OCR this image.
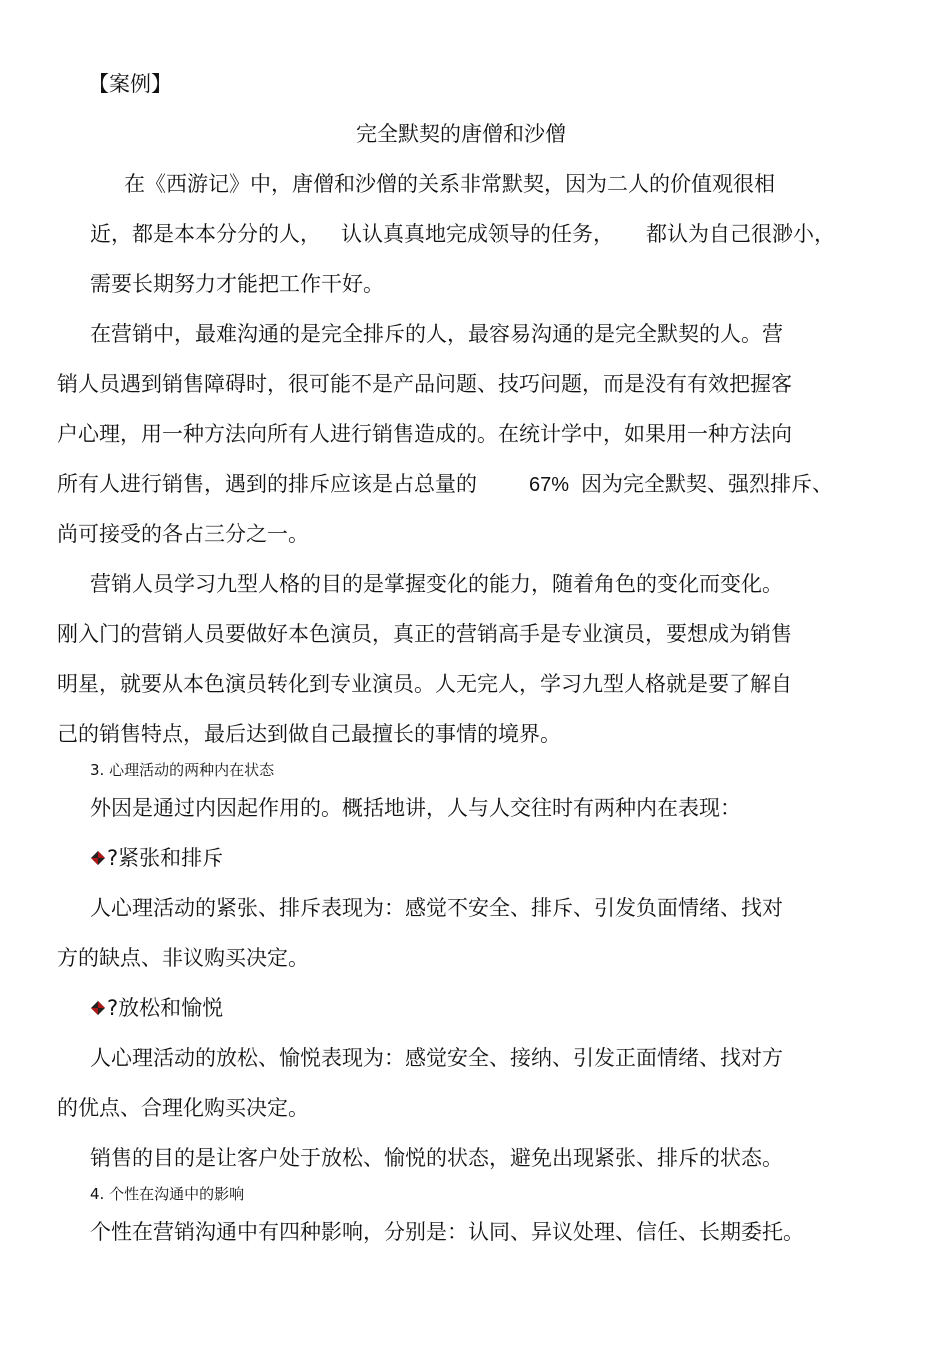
【案例】
完全默契的唐僧和沙僧
在《西游记》中，唐僧和沙僧的关系非常默契，因为二人的价值观很相
近，都是本本分分的人， 认认真真地完成领导的任务， 都认为自己很渺小，
需要长期努力才能把工作干好。
在营销中，最难沟通的是完全排斥的人，最容易沟通的是完全默契的人。营
销人员遇到销售障碍时，很可能不是产品问题、技巧问题，而是没有有效把握客
户心理，用一种方法向所有人进行销售造成的。在统计学中，如果用一种方法向
所有人进行销售，遇到的排斥应该是占总量的	67% 因为完全默契、强烈排斥、
尚可接受的各占三分之一。
营销人员学习九型人格的目的是掌握变化的能力，随着角色的变化而变化。
刚入门的营销人员要做好本色演员，真正的营销高手是专业演员，要想成为销售
明星，就要从本色演员转化到专业演员。人无完人，学习九型人格就是要了解自
己的销售特点，最后达到做自己最擅长的事情的境界。
3. 心理活动的两种内在状态
外因是通过内因起作用的。概括地讲，人与人交往时有两种内在表现：
?紧张和排斥
人心理活动的紧张、排斥表现为：感觉不安全、排斥、引发负面情绪、找对
方的缺点、非议购买决定。
?放松和愉悦
人心理活动的放松、愉悦表现为：感觉安全、接纳、引发正面情绪、找对方
的优点、合理化购买决定。
销售的目的是让客户处于放松、愉悦的状态，避免出现紧张、排斥的状态。
4. 个性在沟通中的影响
个性在营销沟通中有四种影响，分别是：认同、异议处理、信任、长期委托。
